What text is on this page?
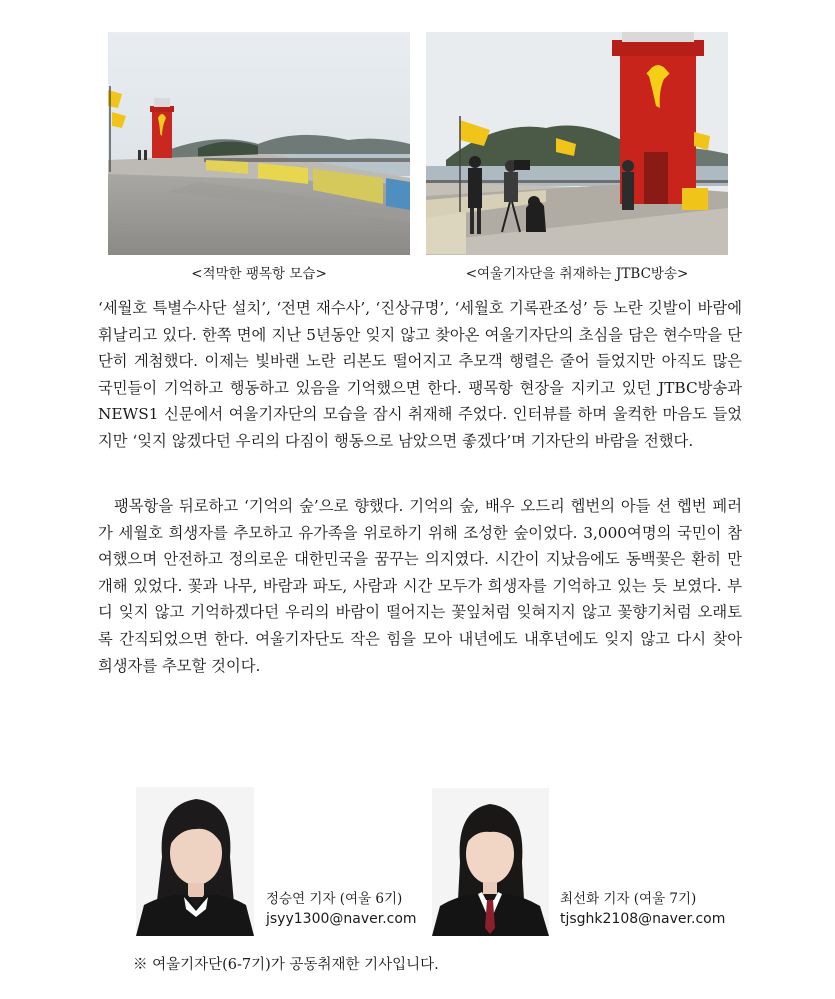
<적막한 팽목항 모습>	<여울기자단을 취재하는 JTBC방송>

‘세월호 특별수사단 설치’, ‘전면 재수사’, ‘진상규명’, ‘세월호 기록관조성’ 등 노란 깃발이 바람에 휘날리고 있다. 한쪽 면에 지난 5년동안 잊지 않고 찾아온 여울기자단의 초심을 담은 현수막을 단단히 게첨했다. 이제는 빛바랜 노란 리본도 떨어지고 추모객 행렬은 줄어 들었지만 아직도 많은 국민들이 기억하고 행동하고 있음을 기억했으면 한다. 팽목항 현장을 지키고 있던 JTBC방송과 NEWS1 신문에서 여울기자단의 모습을 잠시 취재해 주었다. 인터뷰를 하며 울컥한 마음도 들었지만 ‘잊지 않겠다던 우리의 다짐이 행동으로 남았으면 좋겠다’며 기자단의 바람을 전했다.

팽목항을 뒤로하고 ‘기억의 숲’으로 향했다. 기억의 숲, 배우 오드리 헵번의 아들 션 헵번 페러가 세월호 희생자를 추모하고 유가족을 위로하기 위해 조성한 숲이었다. 3,000여명의 국민이 참여했으며 안전하고 정의로운 대한민국을 꿈꾸는 의지였다. 시간이 지났음에도 동백꽃은 환히 만개해 있었다. 꽃과 나무, 바람과 파도, 사람과 시간 모두가 희생자를 기억하고 있는 듯 보였다. 부디 잊지 않고 기억하겠다던 우리의 바람이 떨어지는 꽃잎처럼 잊혀지지 않고 꽃향기처럼 오래토록 간직되었으면 한다. 여울기자단도 작은 힘을 모아 내년에도 내후년에도 잊지 않고 다시 찾아 희생자를 추모할 것이다.

정승연 기자 (여울 6기)
jsyy1300@naver.com
최선화 기자 (여울 7기)
tjsghk2108@naver.com
※ 여울기자단(6-7기)가 공동취재한 기사입니다.
